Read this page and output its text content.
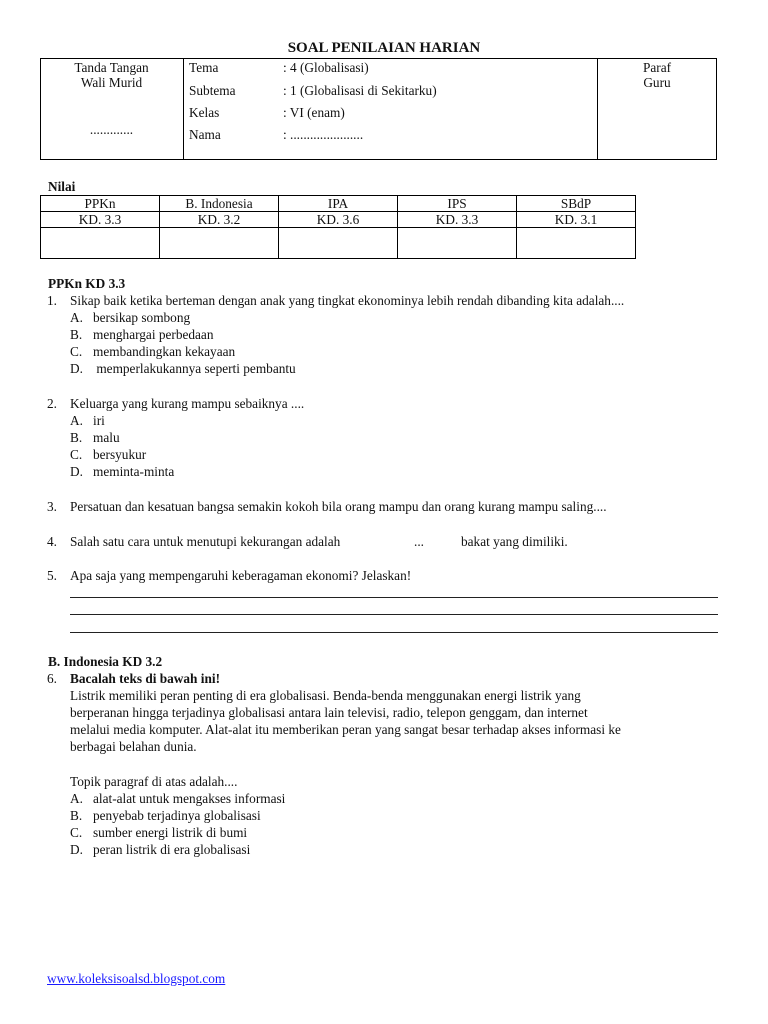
SOAL PENILAIAN HARIAN
Tanda Tangan
Wali Murid
.............
Tema	: 4 (Globalisasi)
Subtema	: 1 (Globalisasi di Sekitarku)
Kelas	: VI (enam)
Nama	: ......................
Paraf
Guru
Nilai
PPKn	B. Indonesia	IPA	IPS	SBdP
KD. 3.3	KD. 3.2	KD. 3.6	KD. 3.3	KD. 3.1

PPKn KD 3.3
1. Sikap baik ketika berteman dengan anak yang tingkat ekonominya lebih rendah dibanding kita adalah....
A. bersikap sombong
B. menghargai perbedaan
C. membandingkan kekayaan
D. memperlakukannya seperti pembantu
2. Keluarga yang kurang mampu sebaiknya ....
A. iri
B. malu
C. bersyukur
D. meminta-minta
3. Persatuan dan kesatuan bangsa semakin kokoh bila orang mampu dan orang kurang mampu saling....
4. Salah satu cara untuk menutupi kekurangan adalah	...	bakat yang dimiliki.
5. Apa saja yang mempengaruhi keberagaman ekonomi? Jelaskan!
B. Indonesia KD 3.2
6. Bacalah teks di bawah ini!
Listrik memiliki peran penting di era globalisasi. Benda-benda menggunakan energi listrik yang
berperanan hingga terjadinya globalisasi antara lain televisi, radio, telepon genggam, dan internet
melalui media komputer. Alat-alat itu memberikan peran yang sangat besar terhadap akses informasi ke
berbagai belahan dunia.
Topik paragraf di atas adalah....
A. alat-alat untuk mengakses informasi
B. penyebab terjadinya globalisasi
C. sumber energi listrik di bumi
D. peran listrik di era globalisasi
www.koleksisoalsd.blogspot.com
